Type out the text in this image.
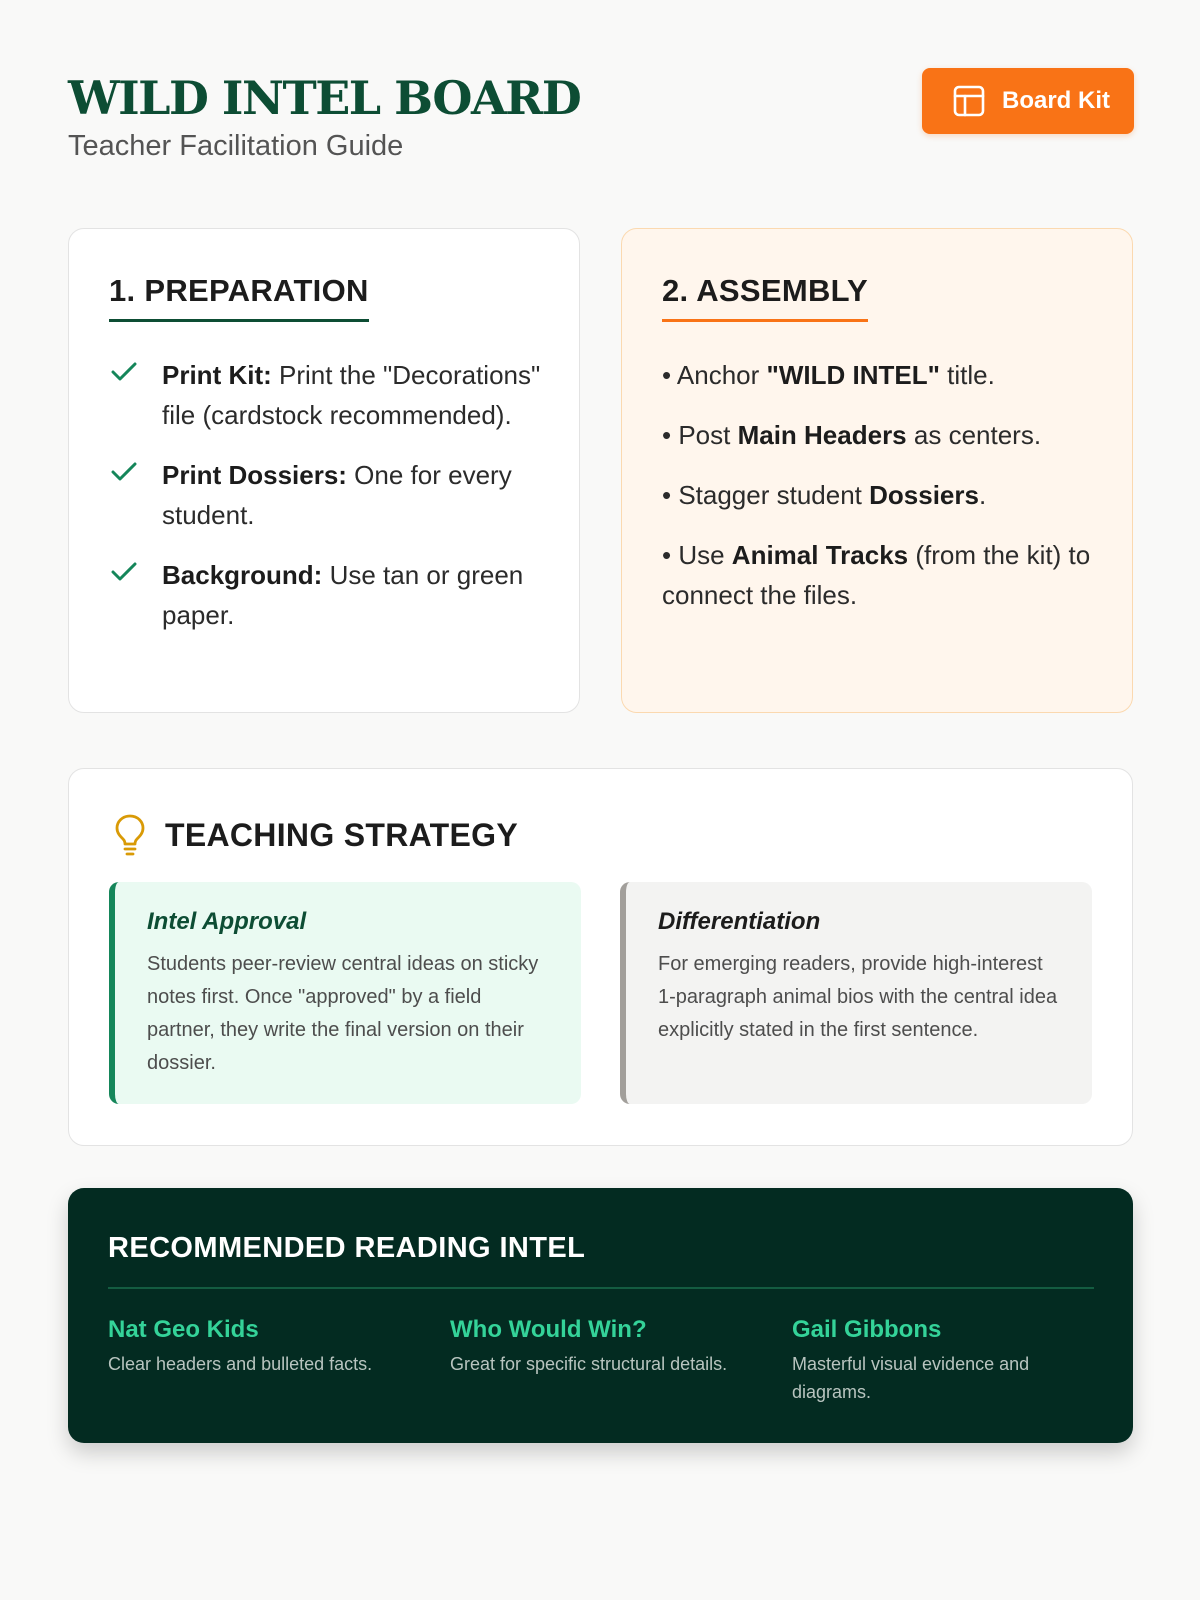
WILD INTEL BOARD
Teacher Facilitation Guide
Board Kit
1. PREPARATION
Print Kit: Print the "Decorations" file (cardstock recommended).
Print Dossiers: One for every student.
Background: Use tan or green paper.
2. ASSEMBLY
• Anchor "WILD INTEL" title.
• Post Main Headers as centers.
• Stagger student Dossiers.
• Use Animal Tracks (from the kit) to connect the files.
TEACHING STRATEGY
Intel Approval

Students peer-review central ideas on sticky notes first. Once "approved" by a field partner, they write the final version on their dossier.

Differentiation

For emerging readers, provide high-interest 1-paragraph animal bios with the central idea explicitly stated in the first sentence.

RECOMMENDED READING INTEL
Nat Geo Kids
Clear headers and bulleted facts.
Who Would Win?
Great for specific structural details.
Gail Gibbons
Masterful visual evidence and diagrams.
